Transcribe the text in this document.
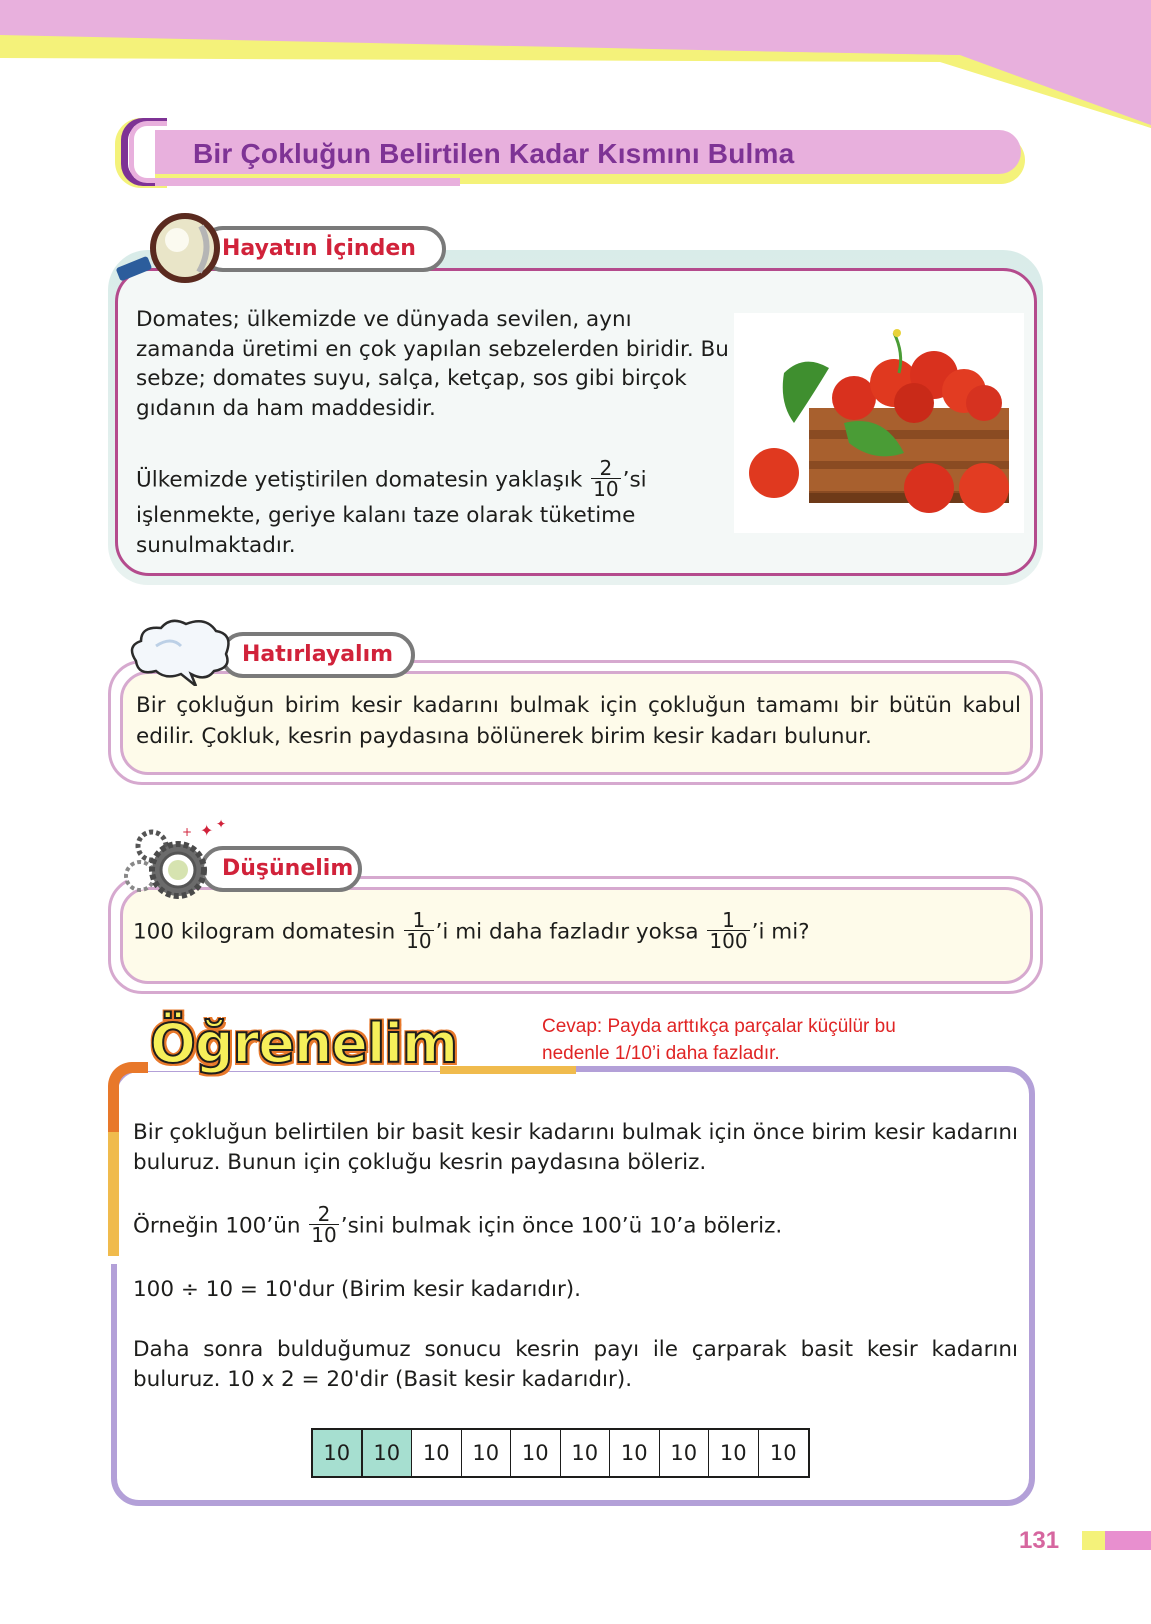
Bir Çokluğun Belirtilen Kadar Kısmını Bulma
Hayatın İçinden
Domates; ülkemizde ve dünyada sevilen, aynı zamanda üretimi en çok yapılan sebzelerden biridir. Bu sebze; domates suyu, salça, ketçap, sos gibi birçok gıdanın da ham maddesidir.
Ülkemizde yetiştirilen domatesin yaklaşık $\frac{2}{10}$ ’si işlenmekte, geriye kalanı taze olarak tüketime sunulmaktadır.
Hatırlayalım
Bir çokluğun birim kesir kadarını bulmak için çokluğun tamamı bir bütün kabul edilir. Çokluk, kesrin paydasına bölünerek birim kesir kadarı bulunur.
Düşünelim
✦
+
✦
100 kilogram domatesin $\frac{1}{10}$ ’i mi daha fazladır yoksa $\frac{1}{100}$ ’i mi?
Öğrenelim	Cevap: Payda arttıkça parçalar küçülür bu
nedenle 1/10’i daha fazladır.
Bir çokluğun belirtilen bir basit kesir kadarını bulmak için önce birim kesir kadarını buluruz. Bunun için çokluğu kesrin paydasına böleriz.
Örneğin 100’ün $\frac{2}{10}$ ’sini bulmak için önce 100’ü 10’a böleriz.
100 ÷ 10 = 10'dur (Birim kesir kadarıdır).
Daha sonra bulduğumuz sonucu kesrin payı ile çarparak basit kesir kadarını buluruz. 10 x 2 = 20'dir (Basit kesir kadarıdır).
10	10	10	10	10	10	10	10	10	10
131
